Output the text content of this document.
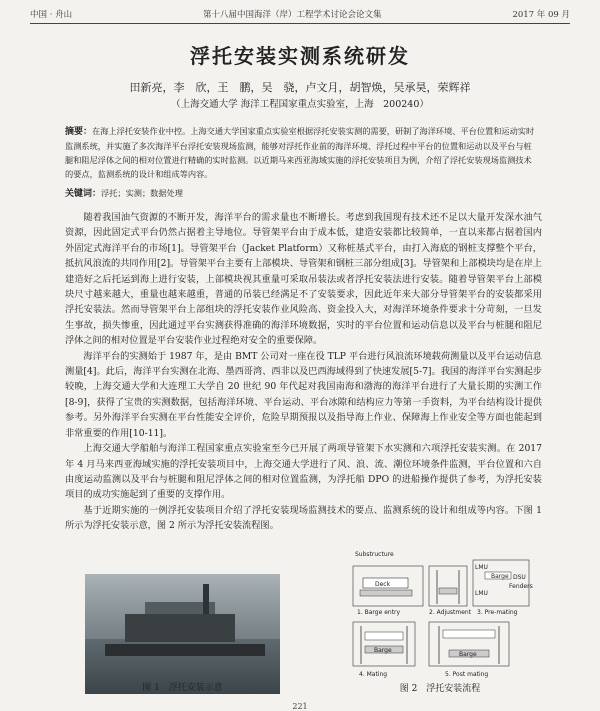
中国 · 舟山	第十八届中国海洋（岸）工程学术讨论会论文集	2017 年 09 月
浮托安装实测系统研发
田新亮，李　欣，王　鹏，吴　骁，卢文月，胡智焕，吴承昊，荣辉祥
（上海交通大学 海洋工程国家重点实验室，上海　200240）
摘要：在海上浮托安装作业中控。上海交通大学国家重点实验室根据浮托安装实测的需要，研制了海洋环境、平台位置和运动实时监测系统，并实施了多次海洋平台浮托安装现场监测，能够对浮托作业前的海洋环境、浮托过程中平台的位置和运动以及平台与桩腿和阻尼浮体之间的相对位置进行精确的实时监测。以近期马来西亚海域实施的浮托安装项目为例，介绍了浮托安装现场监测技术的要点，监测系统的设计和组成等内容。
关键词：浮托；实测；数据处理

随着我国油气资源的不断开发，海洋平台的需求量也不断增长。考虑到我国现有技术还不足以大量开发深水油气资源，因此固定式平台仍然占据着主导地位。导管架平台由于成本低，建造安装都比较简单，一直以来都占据着国内外固定式海洋平台的市场[1]。导管架平台（Jacket Platform）又称桩基式平台，由打入海底的钢桩支撑整个平台，抵抗风浪流的共同作用[2]。导管架平台主要有上部模块、导管架和钢桩三部分组成[3]。导管架和上部模块均是在岸上建造好之后托运到海上进行安装，上部模块视其重量可采取吊装法或者浮托安装法进行安装。随着导管架平台上部模块尺寸越来越大，重量也越来越重，普通的吊装已经满足不了安装要求，因此近年来大部分导管架平台的安装都采用浮托安装法。然而导管架平台上部组块的浮托安装作业风险高、资金投入大，对海洋环境条件要求十分苛刻，一旦发生事故，损失惨重，因此通过平台实测获得准确的海洋环境数据，实时的平台位置和运动信息以及平台与桩腿和阻尼浮体之间的相对位置是平台安装作业过程绝对安全的重要保障。

海洋平台的实测始于 1987 年，是由 BMT 公司对一座在役 TLP 平台进行风浪流环境载荷测量以及平台运动信息测量[4]。此后，海洋平台实测在北海、墨西哥湾、西非以及巴西海域得到了快速发展[5-7]。我国的海洋平台实测起步较晚，上海交通大学和大连理工大学自 20 世纪 90 年代起对我国南海和渤海的海洋平台进行了大量长期的实测工作[8-9]，获得了宝贵的实测数据，包括海洋环境、平台运动、平台冰隙和结构应力等第一手资料，为平台结构设计提供参考。另外海洋平台实测在平台性能安全评价，危险早期预报以及指导海上作业、保障海上作业安全等方面也能起到非常重要的作用[10-11]。

上海交通大学船舶与海洋工程国家重点实验室至今已开展了两项导管架下水实测和六项浮托安装实测。在 2017 年 4 月马来西亚海域实施的浮托安装项目中，上海交通大学进行了风、浪、流、潮位环境条件监测，平台位置和六自由度运动监测以及平台与桩腿和阻尼浮体之间的相对位置监测，为浮托船 DPO 的进船操作提供了参考，为浮托安装项目的成功实施起到了重要的支撑作用。

基于近期实施的一例浮托安装项目介绍了浮托安装现场监测技术的要点、监测系统的设计和组成等内容。下图 1 所示为浮托安装示意，图 2 所示为浮托安装流程图。

图 1　浮托安装示意
Substructure
Deck
1. Barge entry	2. Adjustment
LMU
Barge DSU
Fenders
LMU
3. Pre-mating
Barge
4. Mating
Barge
5. Post mating
图 2　浮托安装流程
221
